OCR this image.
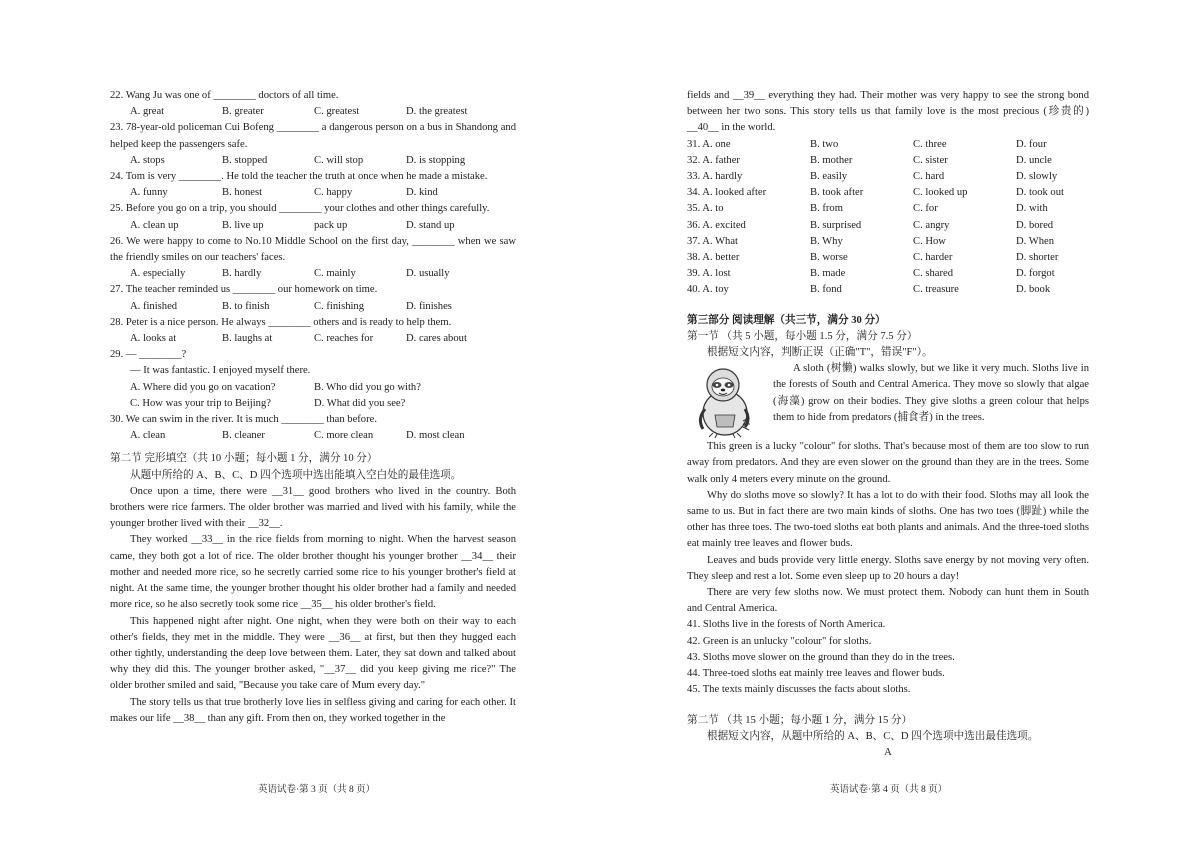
22. Wang Ju was one of ________ doctors of all time.

A. great	B. greater	C. greatest	D. the greatest

23. 78-year-old policeman Cui Bofeng ________ a dangerous person on a bus in Shandong and helped keep the passengers safe.

A. stops	B. stopped	C. will stop	D. is stopping

24. Tom is very ________. He told the teacher the truth at once when he made a mistake.

A. funny	B. honest	C. happy	D. kind

25. Before you go on a trip, you should ________ your clothes and other things carefully.

A. clean up	B. live up	pack up	D. stand up

26. We were happy to come to No.10 Middle School on the first day, ________ when we saw the friendly smiles on our teachers' faces.

A. especially	B. hardly	C. mainly	D. usually

27. The teacher reminded us ________ our homework on time.

A. finished	B. to finish	C. finishing	D. finishes

28. Peter is a nice person. He always ________ others and is ready to help them.

A. looks at	B. laughs at	C. reaches for	D. cares about

29. — ________?

— It was fantastic. I enjoyed myself there.

A. Where did you go on vacation?	B. Who did you go with?
C. How was your trip to Beijing?	D. What did you see?

30. We can swim in the river. It is much ________ than before.

A. clean	B. cleaner	C. more clean	D. most clean

第二节 完形填空（共 10 小题；每小题 1 分，满分 10 分）

从题中所给的 A、B、C、D 四个选项中选出能填入空白处的最佳选项。

Once upon a time, there were __31__ good brothers who lived in the country. Both brothers were rice farmers. The older brother was married and lived with his family, while the younger brother lived with their __32__.

They worked __33__ in the rice fields from morning to night. When the harvest season came, they both got a lot of rice. The older brother thought his younger brother __34__ their mother and needed more rice, so he secretly carried some rice to his younger brother's field at night. At the same time, the younger brother thought his older brother had a family and needed more rice, so he also secretly took some rice __35__ his older brother's field.

This happened night after night. One night, when they were both on their way to each other's fields, they met in the middle. They were __36__ at first, but then they hugged each other tightly, understanding the deep love between them. Later, they sat down and talked about why they did this. The younger brother asked, "__37__ did you keep giving me rice?" The older brother smiled and said, "Because you take care of Mum every day."

The story tells us that true brotherly love lies in selfless giving and caring for each other. It makes our life __38__ than any gift. From then on, they worked together in the

英语试卷·第 3 页（共 8 页）

fields and __39__ everything they had. Their mother was very happy to see the strong bond between her two sons. This story tells us that family love is the most precious (珍贵的) __40__ in the world.

31. A. one	B. two	C. three	D. four
32. A. father	B. mother	C. sister	D. uncle
33. A. hardly	B. easily	C. hard	D. slowly
34. A. looked after	B. took after	C. looked up	D. took out
35. A. to	B. from	C. for	D. with
36. A. excited	B. surprised	C. angry	D. bored
37. A. What	B. Why	C. How	D. When
38. A. better	B. worse	C. harder	D. shorter
39. A. lost	B. made	C. shared	D. forgot
40. A. toy	B. fond	C. treasure	D. book

第三部分 阅读理解（共三节，满分 30 分）

第一节 （共 5 小题，每小题 1.5 分，满分 7.5 分）

根据短文内容，判断正误（正确"T"，错误"F"）。

A sloth (树懒) walks slowly, but we like it very much. Sloths live in the forests of South and Central America. They move so slowly that algae (海藻) grow on their bodies. They give sloths a green colour that helps them to hide from predators (捕食者) in the trees.

This green is a lucky "colour" for sloths. That's because most of them are too slow to run away from predators. And they are even slower on the ground than they are in the trees. Some walk only 4 meters every minute on the ground.

Why do sloths move so slowly? It has a lot to do with their food. Sloths may all look the same to us. But in fact there are two main kinds of sloths. One has two toes (脚趾) while the other has three toes. The two-toed sloths eat both plants and animals. And the three-toed sloths eat mainly tree leaves and flower buds.

Leaves and buds provide very little energy. Sloths save energy by not moving very often. They sleep and rest a lot. Some even sleep up to 20 hours a day!

There are very few sloths now. We must protect them. Nobody can hunt them in South and Central America.

41. Sloths live in the forests of North America.

42. Green is an unlucky "colour" for sloths.

43. Sloths move slower on the ground than they do in the trees.

44. Three-toed sloths eat mainly tree leaves and flower buds.

45. The texts mainly discusses the facts about sloths.

第二节 （共 15 小题；每小题 1 分，满分 15 分）

根据短文内容，从题中所给的 A、B、C、D 四个选项中选出最佳选项。

A

英语试卷·第 4 页（共 8 页）
